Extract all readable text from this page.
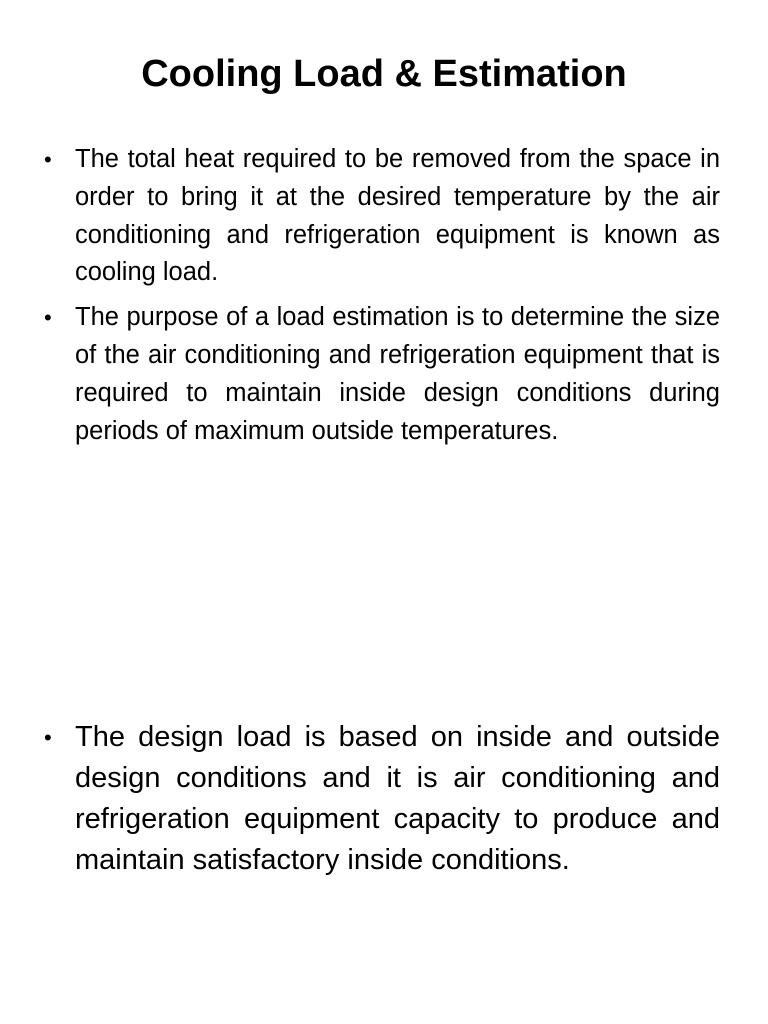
Cooling Load & Estimation
• The total heat required to be removed from the space in order to bring it at the desired temperature by the air conditioning and refrigeration equipment is known as cooling load.
• The purpose of a load estimation is to determine the size of the air conditioning and refrigeration equipment that is required to maintain inside design conditions during periods of maximum outside temperatures.
• The design load is based on inside and outside design conditions and it is air conditioning and refrigeration equipment capacity to produce and maintain satisfactory inside conditions.
